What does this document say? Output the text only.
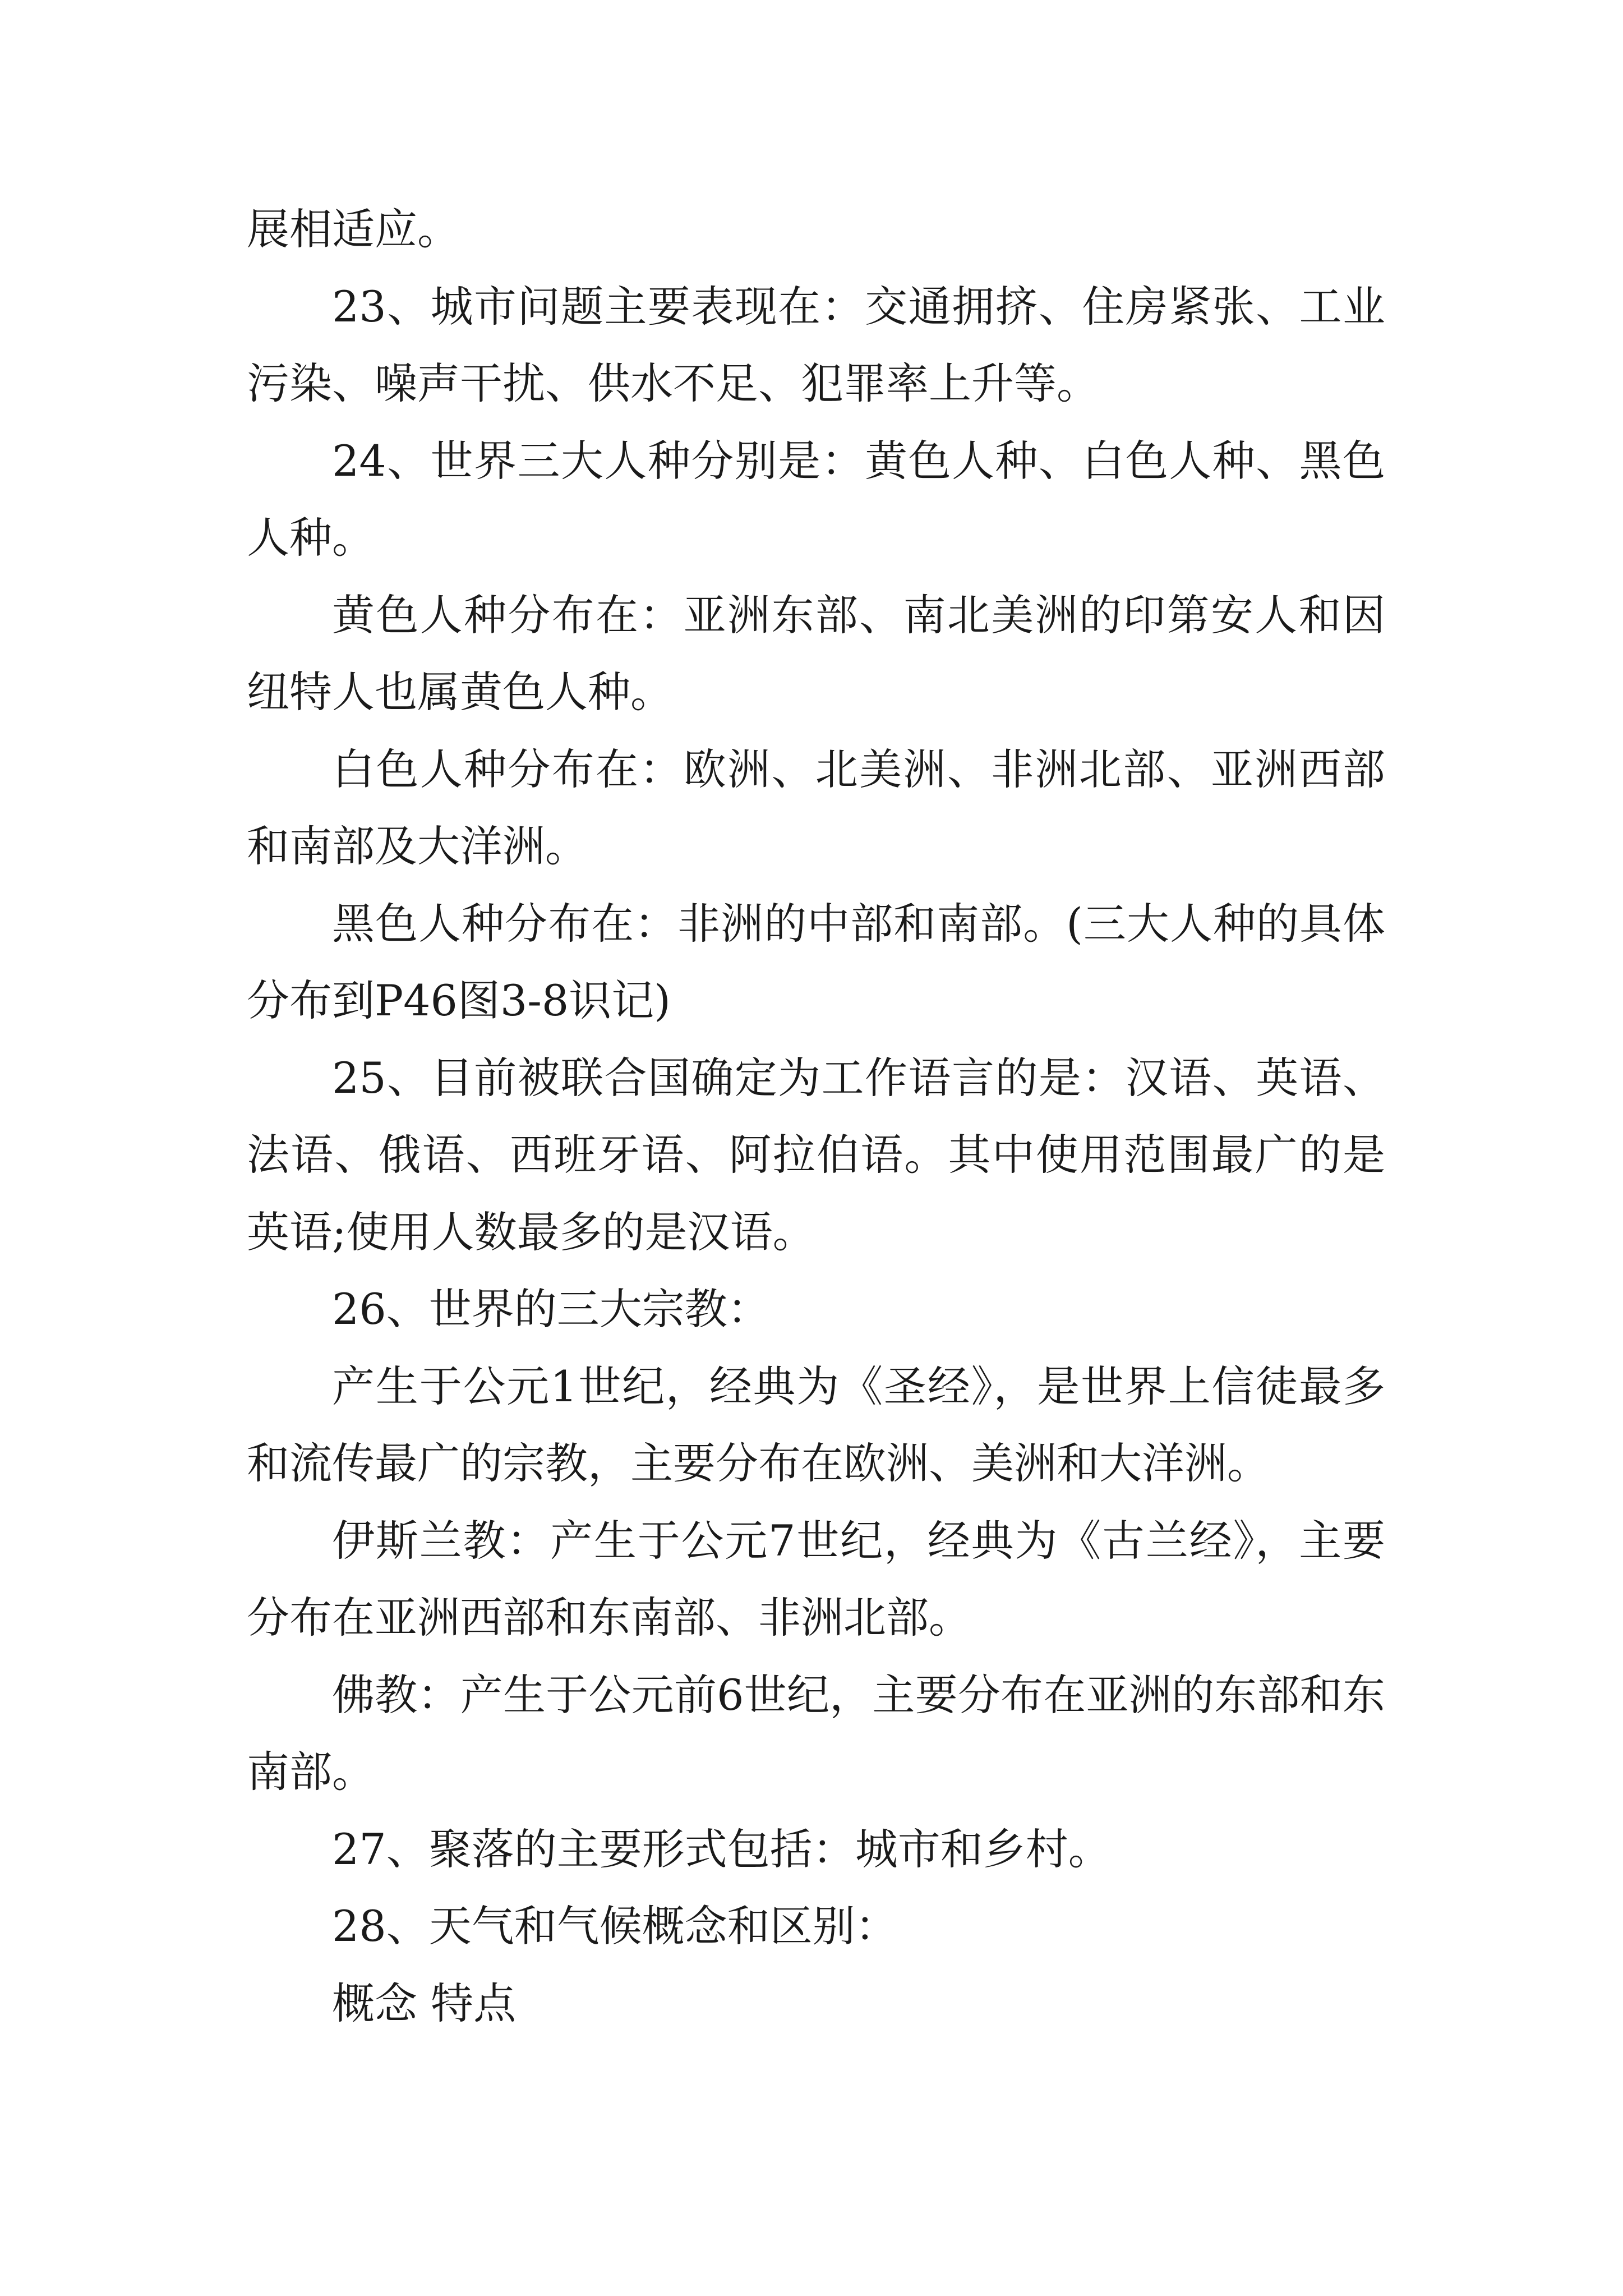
展相适应。

23、城市问题主要表现在：交通拥挤、住房紧张、工业污染、噪声干扰、供水不足、犯罪率上升等。

24、世界三大人种分别是：黄色人种、白色人种、黑色人种。

黄色人种分布在：亚洲东部、南北美洲的印第安人和因纽特人也属黄色人种。

白色人种分布在：欧洲、北美洲、非洲北部、亚洲西部和南部及大洋洲。

黑色人种分布在：非洲的中部和南部。(三大人种的具体分布到P46图3-8识记)

25、目前被联合国确定为工作语言的是：汉语、英语、法语、俄语、西班牙语、阿拉伯语。其中使用范围最广的是英语;使用人数最多的是汉语。

26、世界的三大宗教：

产生于公元1世纪，经典为《圣经》，是世界上信徒最多和流传最广的宗教，主要分布在欧洲、美洲和大洋洲。

伊斯兰教：产生于公元7世纪，经典为《古兰经》，主要分布在亚洲西部和东南部、非洲北部。

佛教：产生于公元前6世纪，主要分布在亚洲的东部和东南部。

27、聚落的主要形式包括：城市和乡村。

28、天气和气候概念和区别：

概念 特点
